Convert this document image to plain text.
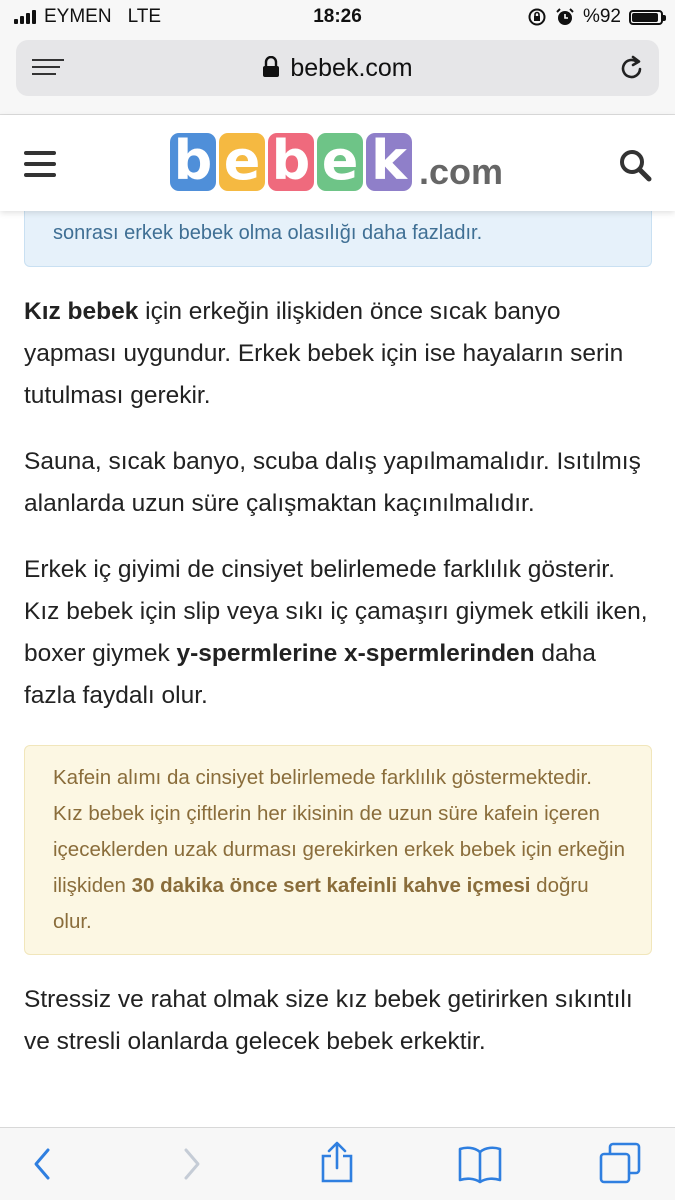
EYMEN LTE	18:26	%92
bebek.com
b e b e k .com
sonrası erkek bebek olma olasılığı daha fazladır.

Kız bebek için erkeğin ilişkiden önce sıcak banyo yapması uygundur. Erkek bebek için ise hayaların serin tutulması gerekir.

Sauna, sıcak banyo, scuba dalış yapılmamalıdır. Isıtılmış alanlarda uzun süre çalışmaktan kaçınılmalıdır.

Erkek iç giyimi de cinsiyet belirlemede farklılık gösterir. Kız bebek için slip veya sıkı iç çamaşırı giymek etkili iken, boxer giymek y-spermlerine x-spermlerinden daha fazla faydalı olur.

Kafein alımı da cinsiyet belirlemede farklılık göstermektedir. Kız bebek için çiftlerin her ikisinin de uzun süre kafein içeren içeceklerden uzak durması gerekirken erkek bebek için erkeğin ilişkiden 30 dakika önce sert kafeinli kahve içmesi doğru olur.

Stressiz ve rahat olmak size kız bebek getirirken sıkıntılı ve stresli olanlarda gelecek bebek erkektir.
